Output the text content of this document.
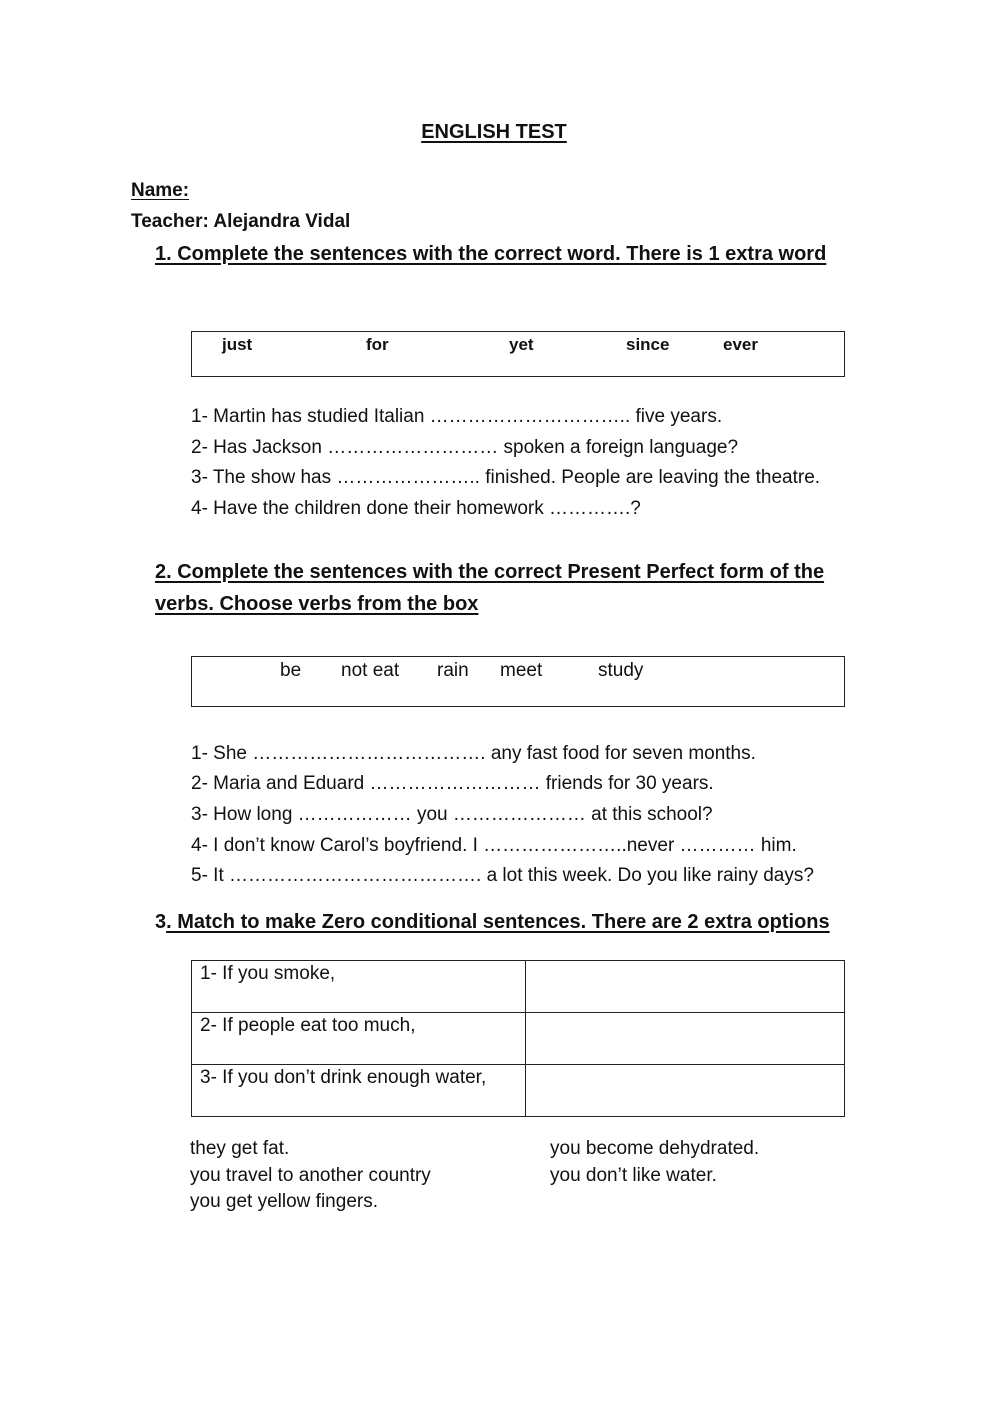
ENGLISH TEST
Name:
Teacher: Alejandra Vidal
1. Complete the sentences with the correct word. There is 1 extra word
just	for	yet	since	ever
1- Martin has studied Italian ………………………….. five years.
2- Has Jackson ……………………… spoken a foreign language?
3- The show has ………………….. finished. People are leaving the theatre.
4- Have the children done their homework ………….?
2. Complete the sentences with the correct Present Perfect form of the verbs. Choose verbs from the box
be not eat rain meet	study
1- She ………………………………. any fast food for seven months.
2- Maria and Eduard ……………………… friends for 30 years.
3- How long ……………… you ………………… at this school?
4- I don’t know Carol’s boyfriend. I …………………..never ………… him.
5- It …………………………………. a lot this week. Do you like rainy days?
3. Match to make Zero conditional sentences. There are 2 extra options
1- If you smoke,	
2- If people eat too much,	
3- If you don’t drink enough water,	
they get fat.
you travel to another country
you get yellow fingers.
you become dehydrated.
you don’t like water.
